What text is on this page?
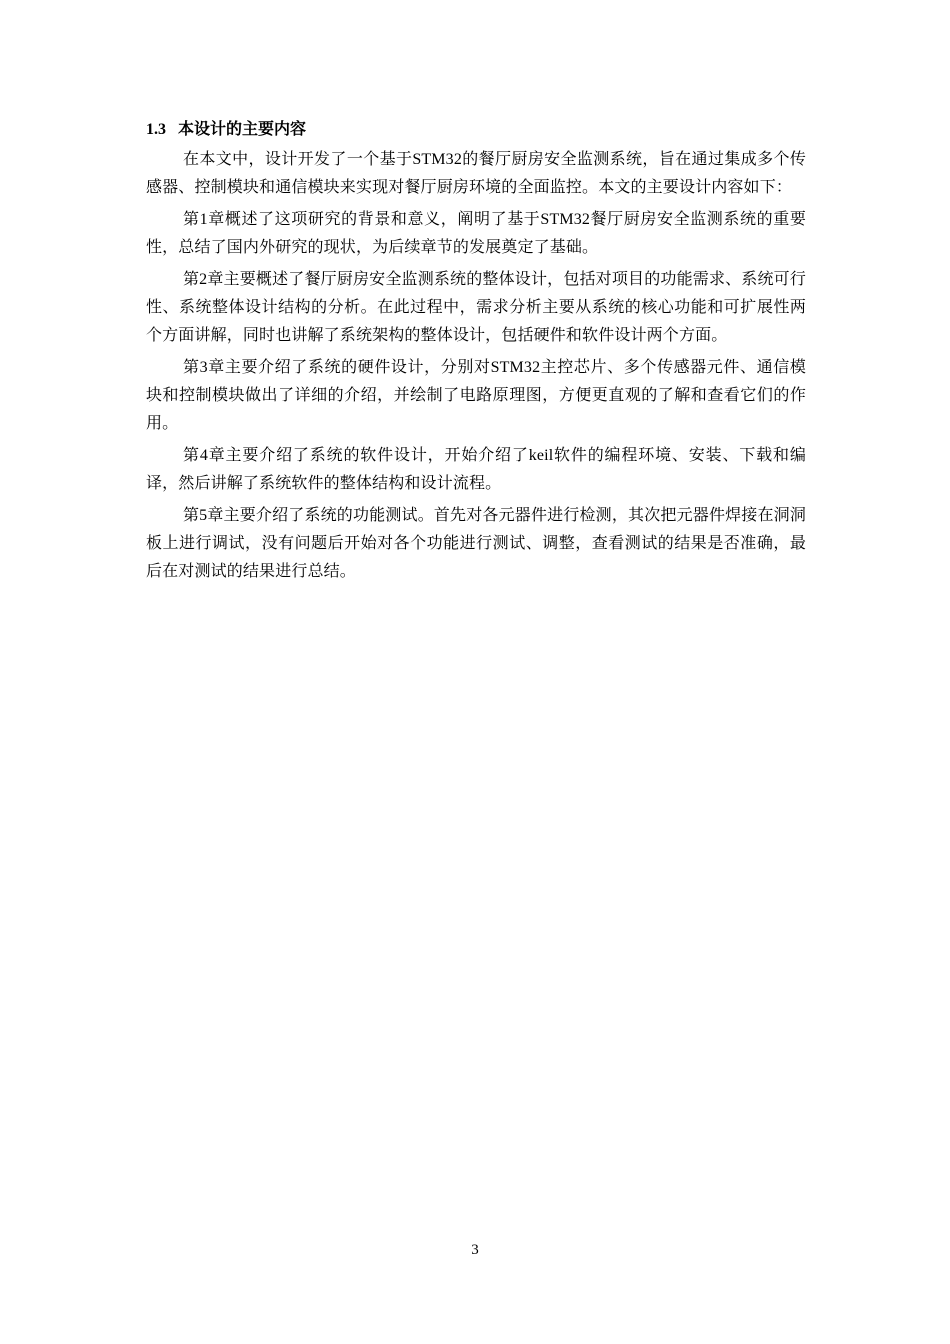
1.3 本设计的主要内容

在本文中，设计开发了一个基于STM32的餐厅厨房安全监测系统，旨在通过集成多个传感器、控制模块和通信模块来实现对餐厅厨房环境的全面监控。本文的主要设计内容如下：

第1章概述了这项研究的背景和意义，阐明了基于STM32餐厅厨房安全监测系统的重要性，总结了国内外研究的现状，为后续章节的发展奠定了基础。

第2章主要概述了餐厅厨房安全监测系统的整体设计，包括对项目的功能需求、系统可行性、系统整体设计结构的分析。在此过程中，需求分析主要从系统的核心功能和可扩展性两个方面讲解，同时也讲解了系统架构的整体设计，包括硬件和软件设计两个方面。

第3章主要介绍了系统的硬件设计，分别对STM32主控芯片、多个传感器元件、通信模块和控制模块做出了详细的介绍，并绘制了电路原理图，方便更直观的了解和查看它们的作用。

第4章主要介绍了系统的软件设计，开始介绍了keil软件的编程环境、安装、下载和编译，然后讲解了系统软件的整体结构和设计流程。

第5章主要介绍了系统的功能测试。首先对各元器件进行检测，其次把元器件焊接在洞洞板上进行调试，没有问题后开始对各个功能进行测试、调整，查看测试的结果是否准确，最后在对测试的结果进行总结。

3
